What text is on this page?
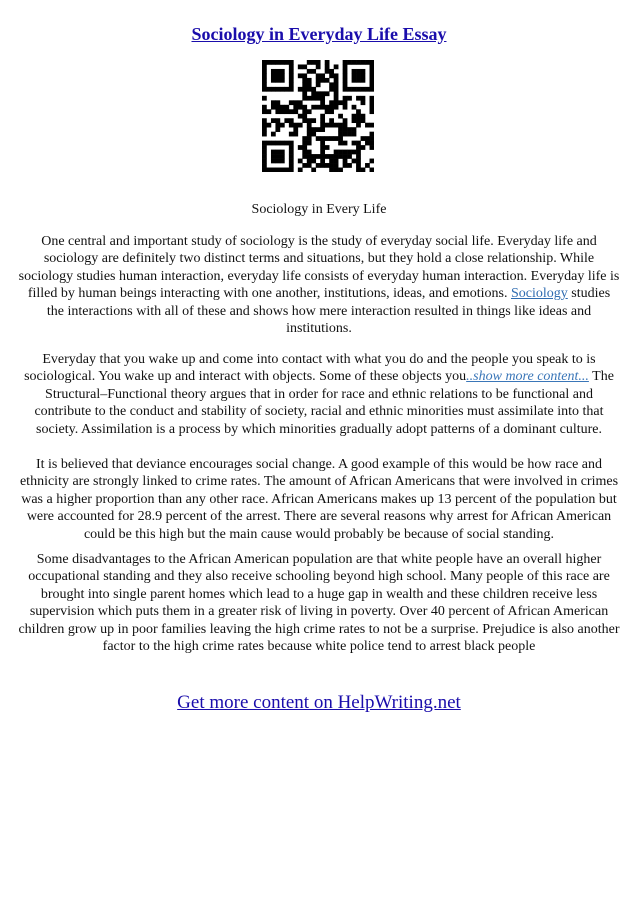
Sociology in Everyday Life Essay
Sociology in Every Life

One central and important study of sociology is the study of everyday social life. Everyday life and sociology are definitely two distinct terms and situations, but they hold a close relationship. While sociology studies human interaction, everyday life consists of everyday human interaction. Everyday life is filled by human beings interacting with one another, institutions, ideas, and emotions. Sociology studies the interactions with all of these and shows how mere interaction resulted in things like ideas and institutions.

Everyday that you wake up and come into contact with what you do and the people you speak to is sociological. You wake up and interact with objects. Some of these objects you..show more content... The Structural–Functional theory argues that in order for race and ethnic relations to be functional and contribute to the conduct and stability of society, racial and ethnic minorities must assimilate into that society. Assimilation is a process by which minorities gradually adopt patterns of a dominant culture.

It is believed that deviance encourages social change. A good example of this would be how race and ethnicity are strongly linked to crime rates. The amount of African Americans that were involved in crimes was a higher proportion than any other race. African Americans makes up 13 percent of the population but were accounted for 28.9 percent of the arrest. There are several reasons why arrest for African American could be this high but the main cause would probably be because of social standing.

Some disadvantages to the African American population are that white people have an overall higher occupational standing and they also receive schooling beyond high school. Many people of this race are brought into single parent homes which lead to a huge gap in wealth and these children receive less supervision which puts them in a greater risk of living in poverty. Over 40 percent of African American children grow up in poor families leaving the high crime rates to not be a surprise. Prejudice is also another factor to the high crime rates because white police tend to arrest black people

Get more content on HelpWriting.net
